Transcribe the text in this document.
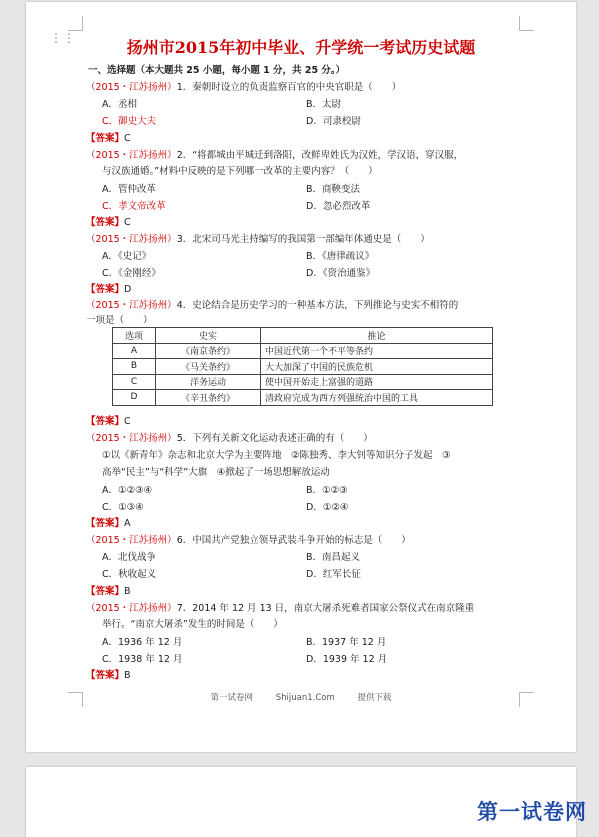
⋮⋮	扬州市2015年初中毕业、升学统一考试历史试题
一、选择题（本大题共 25 小题，每小题 1 分，共 25 分。）
（2015・江苏扬州）1．秦朝时设立的负责监察百官的中央官职是（　　）
A．丞相	B．太尉
C．御史大夫	D．司隶校尉
【答案】C
（2015・江苏扬州）2．“将都城由平城迁到洛阳，改鲜卑姓氏为汉姓，学汉语，穿汉服，
与汉族通婚。”材料中反映的是下列哪一改革的主要内容？（　　）
A．管仲改革	B．商鞅变法
C．孝文帝改革	D．忽必烈改革
【答案】C
（2015・江苏扬州）3．北宋司马光主持编写的我国第一部编年体通史是（　　）
A．《史记》	B．《唐律疏议》
C．《金刚经》	D．《资治通鉴》
【答案】D
（2015・江苏扬州）4．史论结合是历史学习的一种基本方法，下列推论与史实不相符的
一项是（　　）
选项	史实	推论
A	《南京条约》	中国近代第一个不平等条约
B	《马关条约》	大大加深了中国的民族危机
C	洋务运动	使中国开始走上富强的道路
D	《辛丑条约》	清政府完成为西方列强统治中国的工具
【答案】C
（2015・江苏扬州）5．下列有关新文化运动表述正确的有（　　）
①以《新青年》杂志和北京大学为主要阵地　②陈独秀、李大钊等知识分子发起　③
高举“民主”与“科学”大旗　④掀起了一场思想解放运动
A．①②③④	B．①②③
C．①③④	D．①②④
【答案】A
（2015・江苏扬州）6．中国共产党独立领导武装斗争开始的标志是（　　）
A．北伐战争	B．南昌起义
C．秋收起义	D．红军长征
【答案】B
（2015・江苏扬州）7．2014 年 12 月 13 日，南京大屠杀死难者国家公祭仪式在南京隆重
举行。“南京大屠杀”发生的时间是（　　）
A．1936 年 12 月	B．1937 年 12 月
C．1938 年 12 月	D．1939 年 12 月
【答案】B
第一试卷网	Shijuan1.Com	提供下载
第一试卷网
